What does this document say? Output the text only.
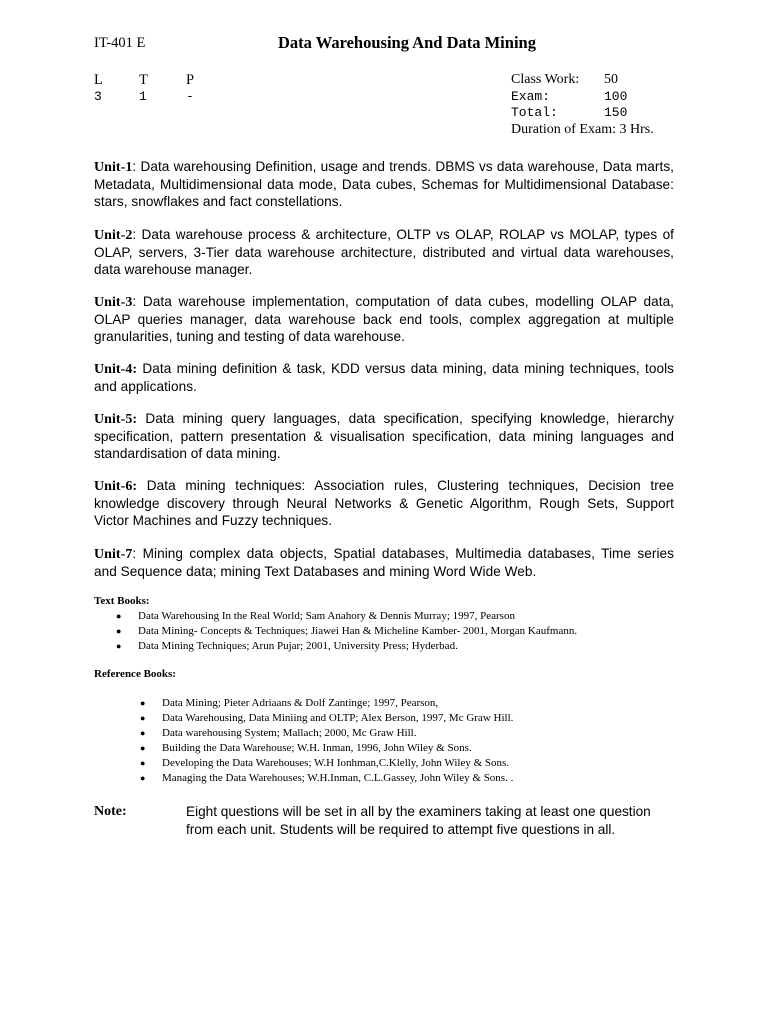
IT-401 E	Data Warehousing And Data Mining
L T	P
3	1	-
Class Work: 50
Exam:	100
Total:	150
Duration of Exam: 3 Hrs.
Unit-1: Data warehousing Definition, usage and trends. DBMS vs data warehouse, Data marts, Metadata, Multidimensional data mode, Data cubes, Schemas for Multidimensional Database: stars, snowflakes and fact constellations.
Unit-2: Data warehouse process & architecture, OLTP vs OLAP, ROLAP vs MOLAP, types of OLAP, servers, 3-Tier data warehouse architecture, distributed and virtual data warehouses, data warehouse manager.
Unit-3: Data warehouse implementation, computation of data cubes, modelling OLAP data, OLAP queries manager, data warehouse back end tools, complex aggregation at multiple granularities, tuning and testing of data warehouse.
Unit-4: Data mining definition & task, KDD versus data mining, data mining techniques, tools and applications.
Unit-5: Data mining query languages, data specification, specifying knowledge, hierarchy specification, pattern presentation & visualisation specification, data mining languages and standardisation of data mining.
Unit-6: Data mining techniques: Association rules, Clustering techniques, Decision tree knowledge discovery through Neural Networks & Genetic Algorithm, Rough Sets, Support Victor Machines and Fuzzy techniques.
Unit-7: Mining complex data objects, Spatial databases, Multimedia databases, Time series and Sequence data; mining Text Databases and mining Word Wide Web.
Text Books:
● Data Warehousing In the Real World; Sam Anahory & Dennis Murray; 1997, Pearson
● Data Mining- Concepts & Techniques; Jiawei Han & Micheline Kamber- 2001, Morgan Kaufmann.
● Data Mining Techniques; Arun Pujar; 2001, University Press; Hyderbad.
Reference Books:
● Data Mining; Pieter Adriaans & Dolf Zantinge; 1997, Pearson,
● Data Warehousing, Data Miniing and OLTP; Alex Berson, 1997, Mc Graw Hill.
● Data warehousing System; Mallach; 2000, Mc Graw Hill.
● Building the Data Warehouse; W.H. Inman, 1996, John Wiley & Sons.
● Developing the Data Warehouses; W.H Ionhman,C.Klelly, John Wiley & Sons.
● Managing the Data Warehouses; W.H.Inman, C.L.Gassey, John Wiley & Sons. .
Note:	Eight questions will be set in all by the examiners taking at least one question from each unit. Students will be required to attempt five questions in all.
